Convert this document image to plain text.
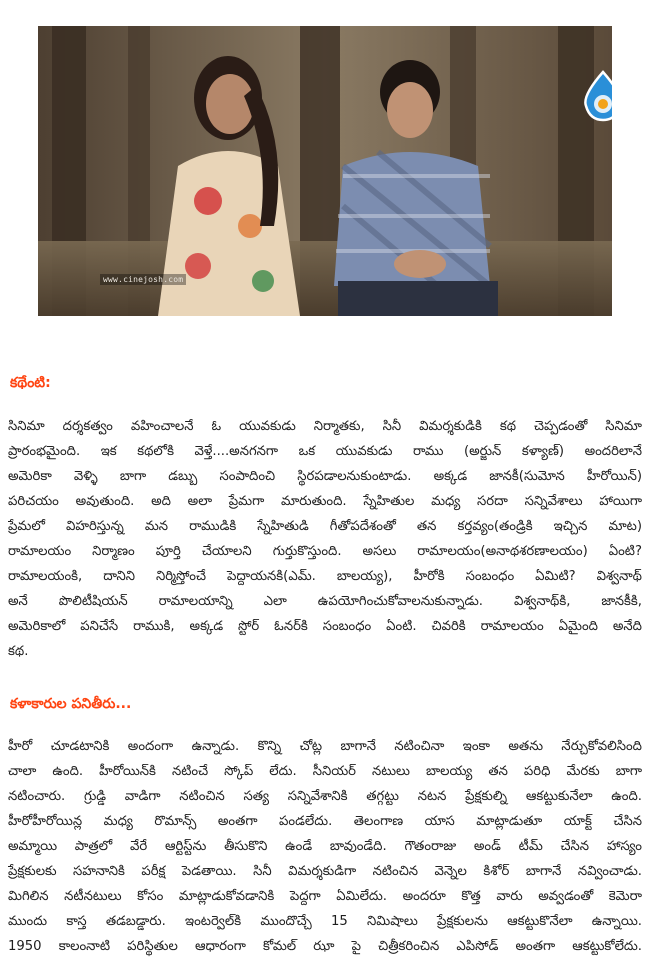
www.cinejosh.com
కథేంటి:
సినిమా దర్శకత్వం వహించాలనే ఓ యువకుడు నిర్మాతకు, సినీ విమర్శకుడికి కథ చెప్పడంతో సినిమా
ప్రారంభమైంది. ఇక కథలోకి వెళ్తే....అనగనగా ఒక యువకుడు రాము (అర్జున్ కళ్యాణ్) అందరిలానే
అమెరికా వెళ్ళి బాగా డబ్బు సంపాదించి స్థిరపడాలనుకుంటాడు. అక్కడ జానకీ(సుమోన హీరోయిన్)
పరిచయం అవుతుంది. అది అలా ప్రేమగా మారుతుంది. స్నేహితుల మధ్య సరదా సన్నివేశాలు హాయిగా
ప్రేమలో విహరిస్తున్న మన రాముడికి స్నేహితుడి గీతోపదేశంతో తన కర్తవ్యం(తండ్రికి ఇచ్చిన మాట)
రామాలయం నిర్మాణం పూర్తి చేయాలని గుర్తుకొస్తుంది. అసలు రామాలయం(అనాథశరణాలయం) ఏంటి?
రామాలయంకి, దానిని నిర్మిస్తోంచే పెద్దాయనకి(ఎమ్. బాలయ్య), హీరోకి సంబంధం ఏమిటి? విశ్వనాథ్
అనే పొలిటీషియన్ రామాలయాన్ని ఎలా ఉపయోగించుకోవాలనుకున్నాడు. విశ్వనాథ్‌కి, జానకీకి,
అమెరికాలో పనిచేసే రాముకి, అక్కడ స్టోర్ ఓనర్‌కి సంబంధం ఏంటి. చివరికి రామాలయం ఏమైంది అనేది
కథ.
కళాకారుల పనితీరు...
హీరో చూడటానికి అందంగా ఉన్నాడు. కొన్ని చోట్ల బాగానే నటించినా ఇంకా అతను నేర్చుకోవలిసింది
చాలా ఉంది. హీరోయిన్‌కి నటించే స్కోప్ లేదు. సీనియర్ నటులు బాలయ్య తన పరిధి మేరకు బాగా
నటించారు. గ్రుడ్డి వాడిగా నటించిన సత్య సన్నివేశానికి తగ్గట్టు నటన ప్రేక్షకుల్ని ఆకట్టుకునేలా ఉంది.
హీరోహీరోయిన్ల మధ్య రొమాన్స్ అంతగా పండలేదు. తెలంగాణ యాస మాట్లాడుతూ యాక్ట్ చేసిన
అమ్మాయి పాత్రలో వేరే ఆర్టిస్ట్‌ను తీసుకొని ఉండే బావుండేది. గౌతంరాజు అండ్ టీమ్ చేసిన హాస్యం
ప్రేక్షకులకు సహనానికి పరీక్ష పెడతాయి. సినీ విమర్శకుడిగా నటించిన వెన్నెల కిశోర్ బాగానే నవ్వించాడు.
మిగిలిన నటీనటులు కోసం మాట్లాడుకోవడానికి పెద్దగా ఏమిలేదు. అందరూ కొత్త వారు అవ్వడంతో కెమెరా
ముందు కాస్త తడబడ్డారు. ఇంటర్వెల్‌కి ముందొచ్చే 15 నిమిషాలు ప్రేక్షకులను ఆకట్టుకొనేలా ఉన్నాయి.
1950 కాలంనాటి పరిస్థితుల ఆధారంగా కోమల్ ఝా పై చిత్రీకరించిన ఎపిసోడ్ అంతగా ఆకట్టుకోలేదు.
